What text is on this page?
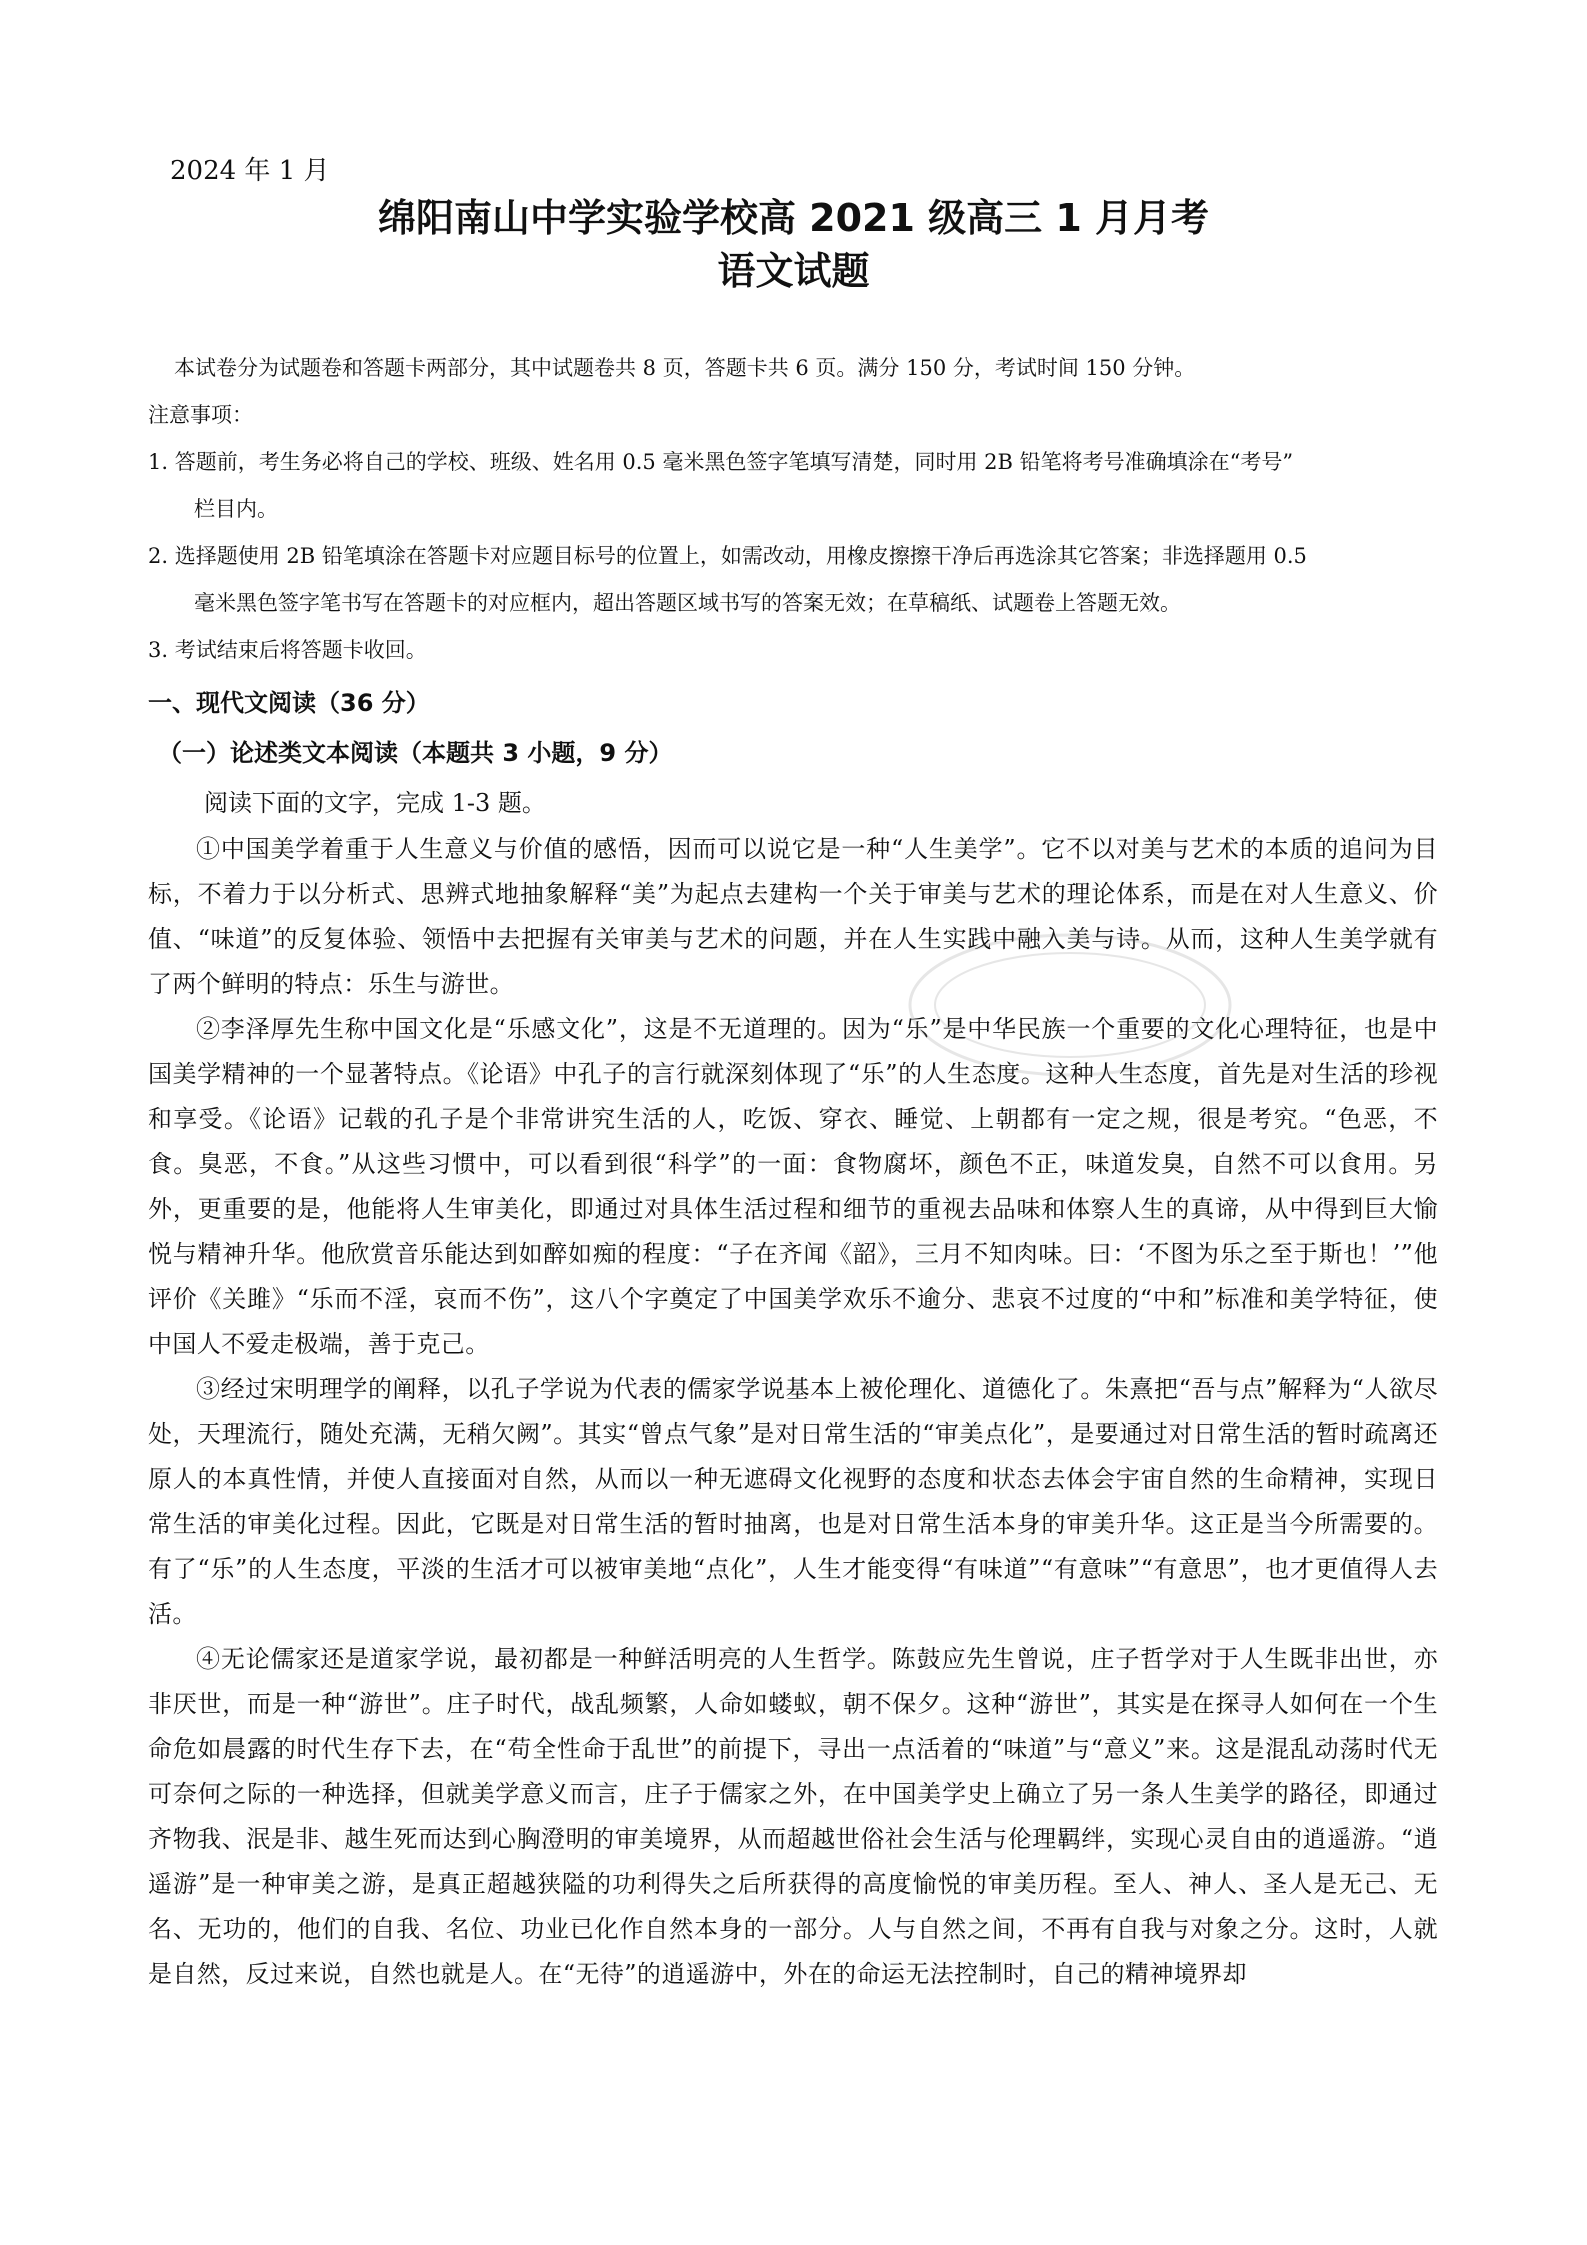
2024 年 1 月
绵阳南山中学实验学校高 2021 级高三 1 月月考
语文试题

本试卷分为试题卷和答题卡两部分，其中试题卷共 8 页，答题卡共 6 页。满分 150 分，考试时间 150 分钟。

注意事项：

1. 答题前，考生务必将自己的学校、班级、姓名用 0.5 毫米黑色签字笔填写清楚，同时用 2B 铅笔将考号准确填涂在“考号”

栏目内。

2. 选择题使用 2B 铅笔填涂在答题卡对应题目标号的位置上，如需改动，用橡皮擦擦干净后再选涂其它答案；非选择题用 0.5

毫米黑色签字笔书写在答题卡的对应框内，超出答题区域书写的答案无效；在草稿纸、试题卷上答题无效。

3. 考试结束后将答题卡收回。

一、现代文阅读（36 分）

（一）论述类文本阅读（本题共 3 小题，9 分）

阅读下面的文字，完成 1-3 题。

①中国美学着重于人生意义与价值的感悟，因而可以说它是一种“人生美学”。它不以对美与艺术的本质的追问为目标，不着力于以分析式、思辨式地抽象解释“美”为起点去建构一个关于审美与艺术的理论体系，而是在对人生意义、价值、“味道”的反复体验、领悟中去把握有关审美与艺术的问题，并在人生实践中融入美与诗。从而，这种人生美学就有了两个鲜明的特点：乐生与游世。

②李泽厚先生称中国文化是“乐感文化”，这是不无道理的。因为“乐”是中华民族一个重要的文化心理特征，也是中国美学精神的一个显著特点。《论语》中孔子的言行就深刻体现了“乐”的人生态度。这种人生态度，首先是对生活的珍视和享受。《论语》记载的孔子是个非常讲究生活的人，吃饭、穿衣、睡觉、上朝都有一定之规，很是考究。“色恶，不食。臭恶，不食。”从这些习惯中，可以看到很“科学”的一面：食物腐坏，颜色不正，味道发臭，自然不可以食用。另外，更重要的是，他能将人生审美化，即通过对具体生活过程和细节的重视去品味和体察人生的真谛，从中得到巨大愉悦与精神升华。他欣赏音乐能达到如醉如痴的程度：“子在齐闻《韶》，三月不知肉味。曰：‘不图为乐之至于斯也！’”他评价《关雎》“乐而不淫，哀而不伤”，这八个字奠定了中国美学欢乐不逾分、悲哀不过度的“中和”标准和美学特征，使中国人不爱走极端，善于克己。

③经过宋明理学的阐释，以孔子学说为代表的儒家学说基本上被伦理化、道德化了。朱熹把“吾与点”解释为“人欲尽处，天理流行，随处充满，无稍欠阙”。其实“曾点气象”是对日常生活的“审美点化”，是要通过对日常生活的暂时疏离还原人的本真性情，并使人直接面对自然，从而以一种无遮碍文化视野的态度和状态去体会宇宙自然的生命精神，实现日常生活的审美化过程。因此，它既是对日常生活的暂时抽离，也是对日常生活本身的审美升华。这正是当今所需要的。有了“乐”的人生态度，平淡的生活才可以被审美地“点化”，人生才能变得“有味道”“有意味”“有意思”，也才更值得人去活。

④无论儒家还是道家学说，最初都是一种鲜活明亮的人生哲学。陈鼓应先生曾说，庄子哲学对于人生既非出世，亦非厌世，而是一种“游世”。庄子时代，战乱频繁，人命如蝼蚁，朝不保夕。这种“游世”，其实是在探寻人如何在一个生命危如晨露的时代生存下去，在“苟全性命于乱世”的前提下，寻出一点活着的“味道”与“意义”来。这是混乱动荡时代无可奈何之际的一种选择，但就美学意义而言，庄子于儒家之外，在中国美学史上确立了另一条人生美学的路径，即通过齐物我、泯是非、越生死而达到心胸澄明的审美境界，从而超越世俗社会生活与伦理羁绊，实现心灵自由的逍遥游。“逍遥游”是一种审美之游，是真正超越狭隘的功利得失之后所获得的高度愉悦的审美历程。至人、神人、圣人是无己、无名、无功的，他们的自我、名位、功业已化作自然本身的一部分。人与自然之间，不再有自我与对象之分。这时，人就是自然，反过来说，自然也就是人。在“无待”的逍遥游中，外在的命运无法控制时，自己的精神境界却
